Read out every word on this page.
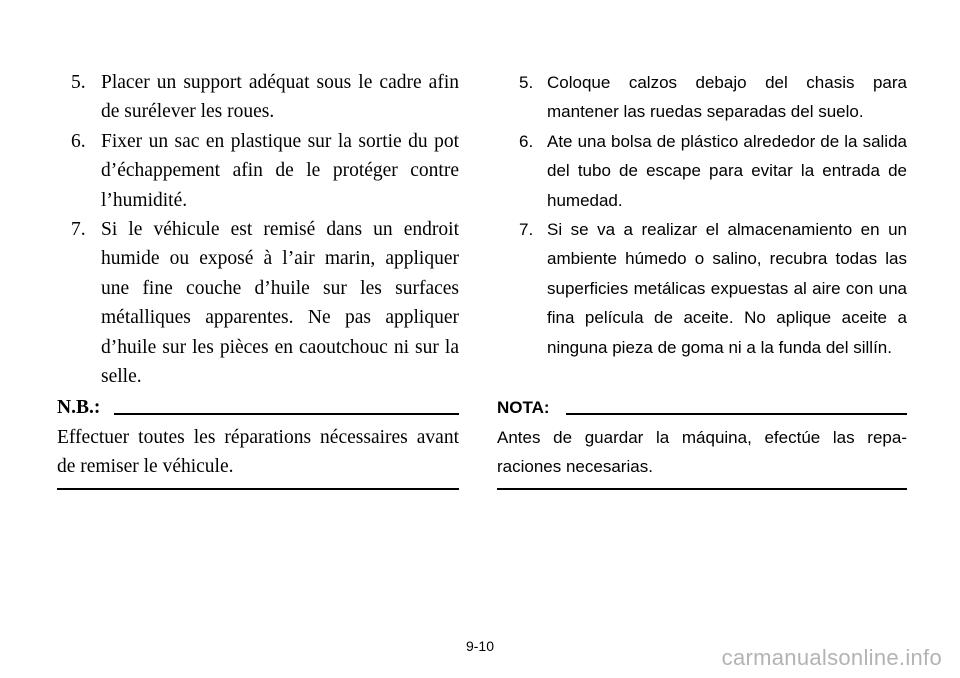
5. Placer un support adéquat sous le cadre afin de surélever les roues.
6. Fixer un sac en plastique sur la sortie du pot d’échappement afin de le protéger contre l’humidité.
7. Si le véhicule est remisé dans un endroit humide ou exposé à l’air marin, appliquer une fine couche d’huile sur les surfaces métalliques apparentes. Ne pas appliquer d’huile sur les pièces en caoutchouc ni sur la selle.
5. Coloque calzos debajo del chasis para mantener las ruedas separadas del suelo.
6. Ate una bolsa de plástico alrededor de la salida del tubo de escape para evitar la entrada de humedad.
7. Si se va a realizar el almacenamiento en un ambiente húmedo o salino, recubra todas las superficies metálicas expuestas al aire con una fina película de aceite. No aplique aceite a ninguna pieza de goma ni a la funda del sillín.
N.B.:
Effectuer toutes les réparations nécessaires avant de remiser le véhicule.
NOTA:
Antes de guardar la máquina, efectúe las repa-raciones necesarias.
9-10	carmanualsonline.info
